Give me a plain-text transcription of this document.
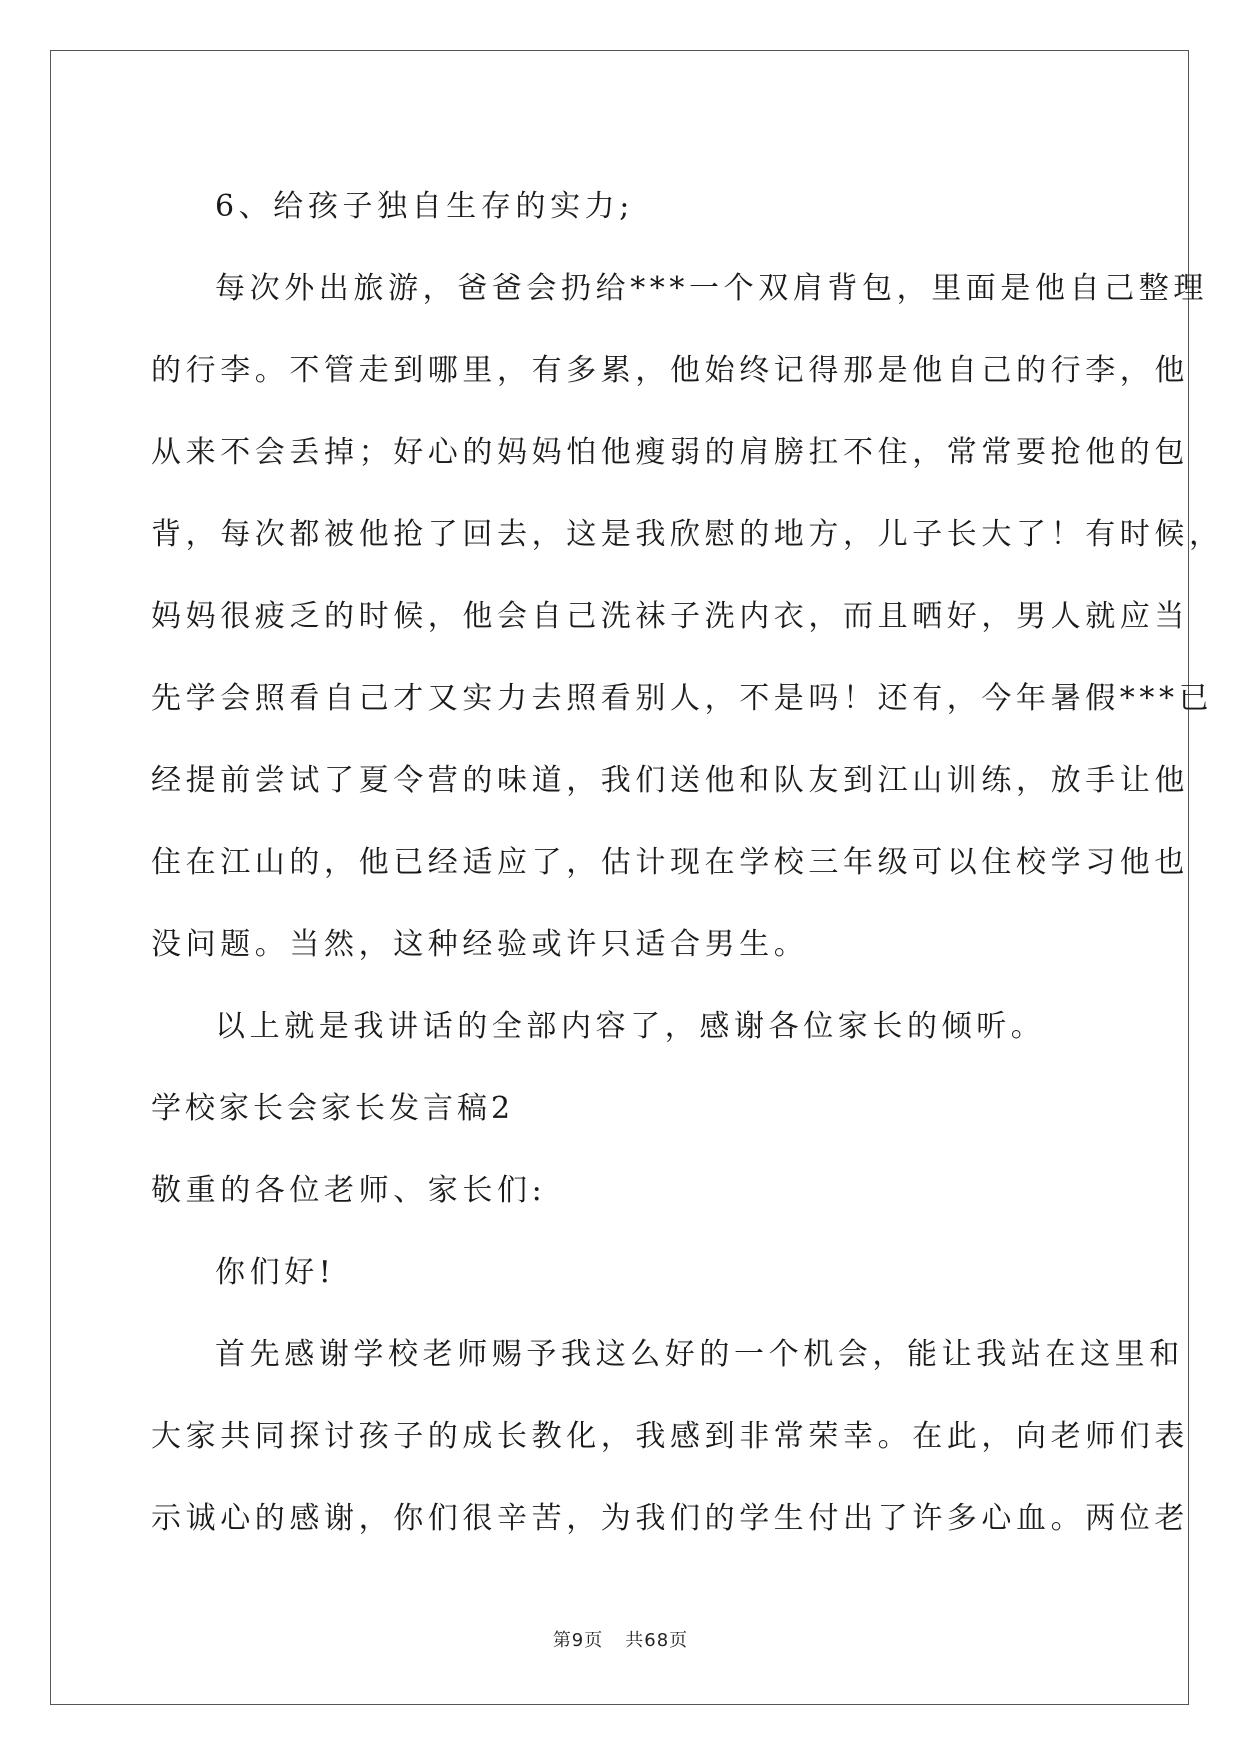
6、给孩子独自生存的实力;
每次外出旅游，爸爸会扔给***一个双肩背包，里面是他自己整理
的行李。不管走到哪里，有多累，他始终记得那是他自己的行李，他
从来不会丢掉；好心的妈妈怕他瘦弱的肩膀扛不住，常常要抢他的包
背，每次都被他抢了回去，这是我欣慰的地方，儿子长大了！有时候，
妈妈很疲乏的时候，他会自己洗袜子洗内衣，而且晒好，男人就应当
先学会照看自己才又实力去照看别人，不是吗！还有，今年暑假***已
经提前尝试了夏令营的味道，我们送他和队友到江山训练，放手让他
住在江山的，他已经适应了，估计现在学校三年级可以住校学习他也
没问题。当然，这种经验或许只适合男生。
以上就是我讲话的全部内容了，感谢各位家长的倾听。
学校家长会家长发言稿2
敬重的各位老师、家长们:
你们好!
首先感谢学校老师赐予我这么好的一个机会，能让我站在这里和
大家共同探讨孩子的成长教化，我感到非常荣幸。在此，向老师们表
示诚心的感谢，你们很辛苦，为我们的学生付出了许多心血。两位老
第9页 共68页
